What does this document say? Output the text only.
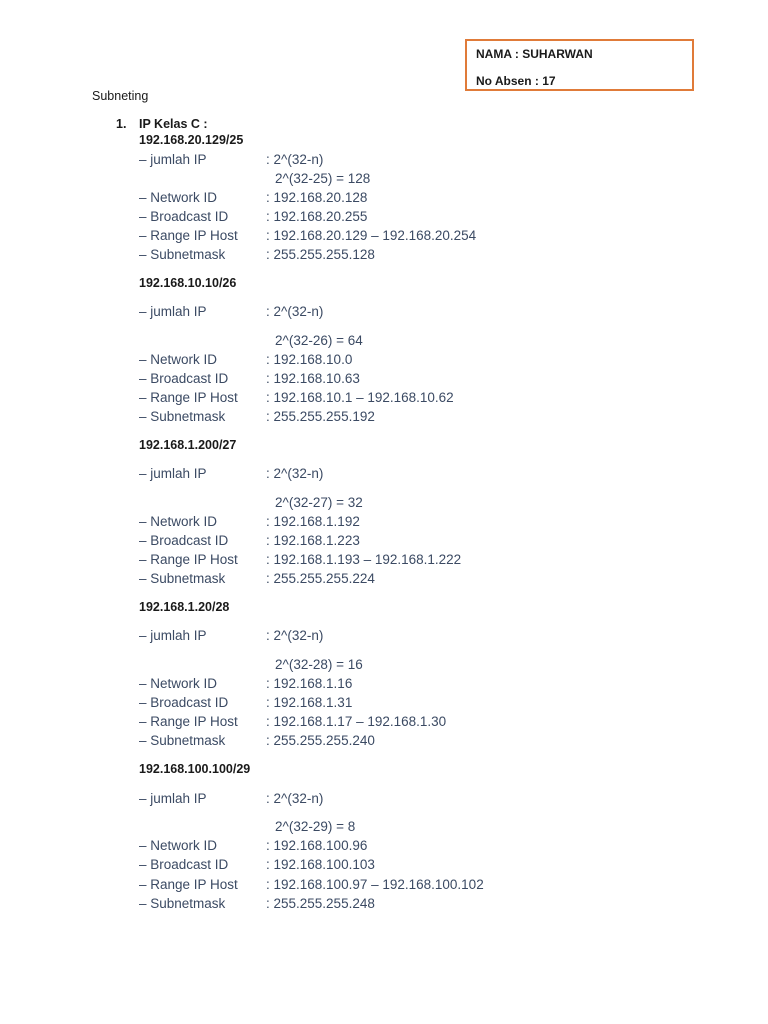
NAMA : SUHARWAN
No Absen : 17
Subneting
1. IP Kelas C :
192.168.20.129/25
– jumlah IP	: 2^(32-n)
2^(32-25) = 128
– Network ID	: 192.168.20.128
– Broadcast ID	: 192.168.20.255
– Range IP Host : 192.168.20.129 – 192.168.20.254
– Subnetmask	: 255.255.255.128
192.168.10.10/26
– jumlah IP	: 2^(32-n)
2^(32-26) = 64
– Network ID	: 192.168.10.0
– Broadcast ID	: 192.168.10.63
– Range IP Host : 192.168.10.1 – 192.168.10.62
– Subnetmask	: 255.255.255.192
192.168.1.200/27
– jumlah IP	: 2^(32-n)
2^(32-27) = 32
– Network ID	: 192.168.1.192
– Broadcast ID	: 192.168.1.223
– Range IP Host : 192.168.1.193 – 192.168.1.222
– Subnetmask	: 255.255.255.224
192.168.1.20/28
– jumlah IP	: 2^(32-n)
2^(32-28) = 16
– Network ID	: 192.168.1.16
– Broadcast ID	: 192.168.1.31
– Range IP Host : 192.168.1.17 – 192.168.1.30
– Subnetmask	: 255.255.255.240
192.168.100.100/29
– jumlah IP	: 2^(32-n)
2^(32-29) = 8
– Network ID	: 192.168.100.96
– Broadcast ID	: 192.168.100.103
– Range IP Host : 192.168.100.97 – 192.168.100.102
– Subnetmask	: 255.255.255.248
